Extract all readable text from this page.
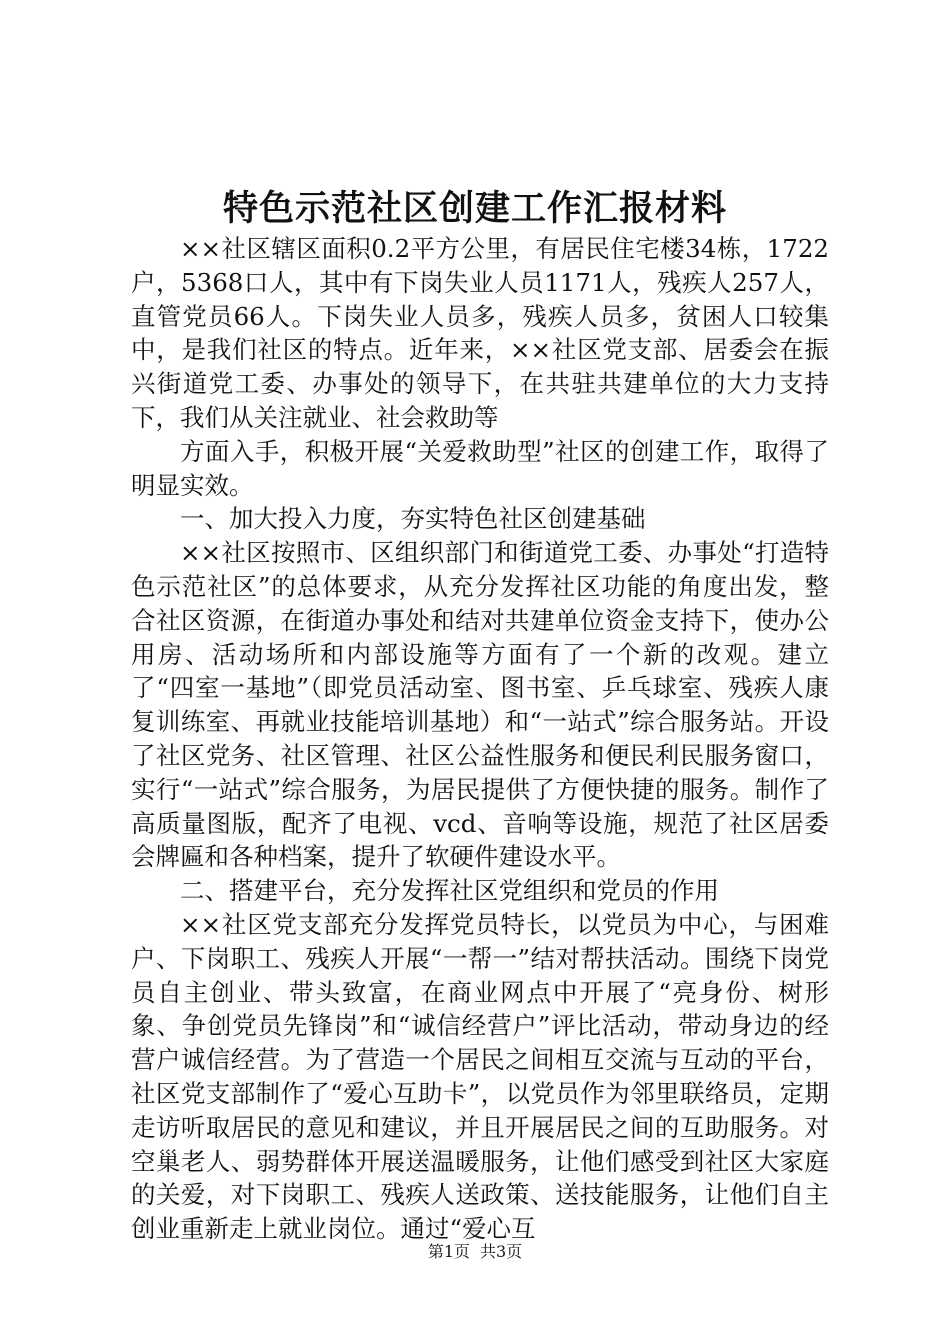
特色示范社区创建工作汇报材料

××社区辖区面积0.2平方公里，有居民住宅楼34栋，1722户，5368口人，其中有下岗失业人员1171人，残疾人257人，直管党员66人。下岗失业人员多，残疾人员多，贫困人口较集中，是我们社区的特点。近年来，××社区党支部、居委会在振兴街道党工委、办事处的领导下，在共驻共建单位的大力支持下，我们从关注就业、社会救助等

方面入手，积极开展“关爱救助型”社区的创建工作，取得了明显实效。

一、加大投入力度，夯实特色社区创建基础

××社区按照市、区组织部门和街道党工委、办事处“打造特色示范社区”的总体要求，从充分发挥社区功能的角度出发，整合社区资源，在街道办事处和结对共建单位资金支持下，使办公用房、活动场所和内部设施等方面有了一个新的改观。建立了“四室一基地”（即党员活动室、图书室、乒乓球室、残疾人康复训练室、再就业技能培训基地）和“一站式”综合服务站。开设了社区党务、社区管理、社区公益性服务和便民利民服务窗口，实行“一站式”综合服务，为居民提供了方便快捷的服务。制作了高质量图版，配齐了电视、vcd、音响等设施，规范了社区居委会牌匾和各种档案，提升了软硬件建设水平。

二、搭建平台，充分发挥社区党组织和党员的作用

××社区党支部充分发挥党员特长，以党员为中心，与困难户、下岗职工、残疾人开展“一帮一”结对帮扶活动。围绕下岗党员自主创业、带头致富，在商业网点中开展了“亮身份、树形象、争创党员先锋岗”和“诚信经营户”评比活动，带动身边的经营户诚信经营。为了营造一个居民之间相互交流与互动的平台，社区党支部制作了“爱心互助卡”，以党员作为邻里联络员，定期走访听取居民的意见和建议，并且开展居民之间的互助服务。对空巢老人、弱势群体开展送温暖服务，让他们感受到社区大家庭的关爱，对下岗职工、残疾人送政策、送技能服务，让他们自主创业重新走上就业岗位。通过“爱心互

第1页 共3页
